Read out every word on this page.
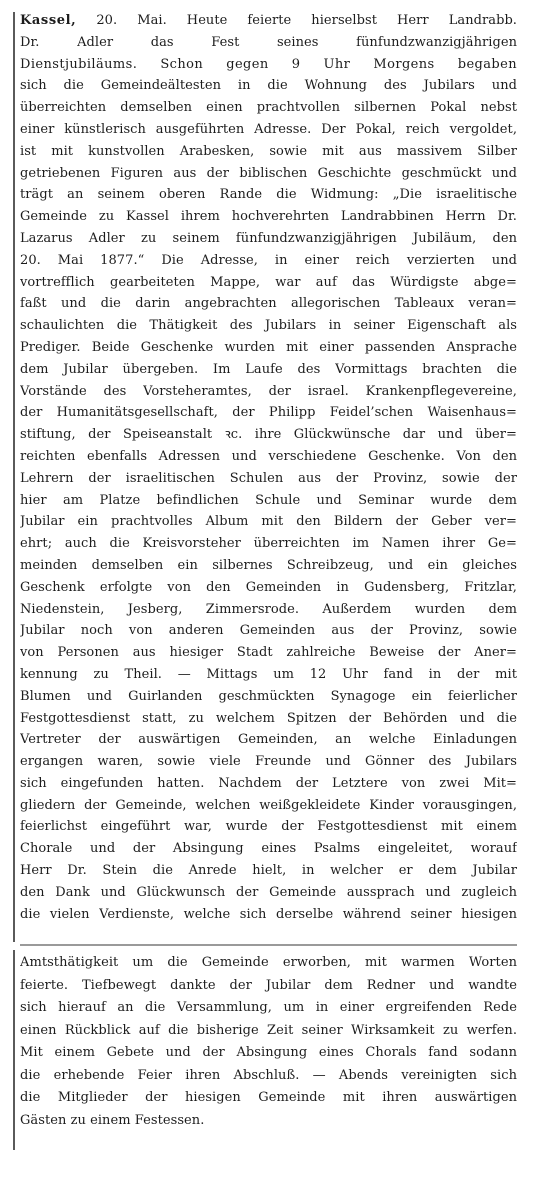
Kassel, 20. Mai. Heute feierte hierselbst Herr Landrabb.
Dr. Adler das Fest seines fünfundzwanzigjährigen
Dienstjubiläums. Schon gegen 9 Uhr Morgens begaben
sich die Gemeindeältesten in die Wohnung des Jubilars und
überreichten demselben einen prachtvollen silbernen Pokal nebst
einer künstlerisch ausgeführten Adresse. Der Pokal, reich vergoldet,
ist mit kunstvollen Arabesken, sowie mit aus massivem Silber
getriebenen Figuren aus der biblischen Geschichte geschmückt und
trägt an seinem oberen Rande die Widmung: „Die israelitische
Gemeinde zu Kassel ihrem hochverehrten Landrabbinen Herrn Dr.
Lazarus Adler zu seinem fünfundzwanzigjährigen Jubiläum, den
20. Mai 1877.“ Die Adresse, in einer reich verzierten und
vortrefflich gearbeiteten Mappe, war auf das Würdigste abge=
faßt und die darin angebrachten allegorischen Tableaux veran=
schaulichten die Thätigkeit des Jubilars in seiner Eigenschaft als
Prediger. Beide Geschenke wurden mit einer passenden Ansprache
dem Jubilar übergeben. Im Laufe des Vormittags brachten die
Vorstände des Vorsteheramtes, der israel. Krankenpflegevereine,
der Humanitätsgesellschaft, der Philipp Feidel’schen Waisenhaus=
stiftung, der Speiseanstalt ꝛc. ihre Glückwünsche dar und über=
reichten ebenfalls Adressen und verschiedene Geschenke. Von den
Lehrern der israelitischen Schulen aus der Provinz, sowie der
hier am Platze befindlichen Schule und Seminar wurde dem
Jubilar ein prachtvolles Album mit den Bildern der Geber ver=
ehrt; auch die Kreisvorsteher überreichten im Namen ihrer Ge=
meinden demselben ein silbernes Schreibzeug, und ein gleiches
Geschenk erfolgte von den Gemeinden in Gudensberg, Fritzlar,
Niedenstein, Jesberg, Zimmersrode. Außerdem wurden dem
Jubilar noch von anderen Gemeinden aus der Provinz, sowie
von Personen aus hiesiger Stadt zahlreiche Beweise der Aner=
kennung zu Theil. — Mittags um 12 Uhr fand in der mit
Blumen und Guirlanden geschmückten Synagoge ein feierlicher
Festgottesdienst statt, zu welchem Spitzen der Behörden und die
Vertreter der auswärtigen Gemeinden, an welche Einladungen
ergangen waren, sowie viele Freunde und Gönner des Jubilars
sich eingefunden hatten. Nachdem der Letztere von zwei Mit=
gliedern der Gemeinde, welchen weißgekleidete Kinder vorausgingen,
feierlichst eingeführt war, wurde der Festgottesdienst mit einem
Chorale und der Absingung eines Psalms eingeleitet, worauf
Herr Dr. Stein die Anrede hielt, in welcher er dem Jubilar
den Dank und Glückwunsch der Gemeinde aussprach und zugleich
die vielen Verdienste, welche sich derselbe während seiner hiesigen
Amtsthätigkeit um die Gemeinde erworben, mit warmen Worten
feierte. Tiefbewegt dankte der Jubilar dem Redner und wandte
sich hierauf an die Versammlung, um in einer ergreifenden Rede
einen Rückblick auf die bisherige Zeit seiner Wirksamkeit zu werfen.
Mit einem Gebete und der Absingung eines Chorals fand sodann
die erhebende Feier ihren Abschluß. — Abends vereinigten sich
die Mitglieder der hiesigen Gemeinde mit ihren auswärtigen
Gästen zu einem Festessen.
